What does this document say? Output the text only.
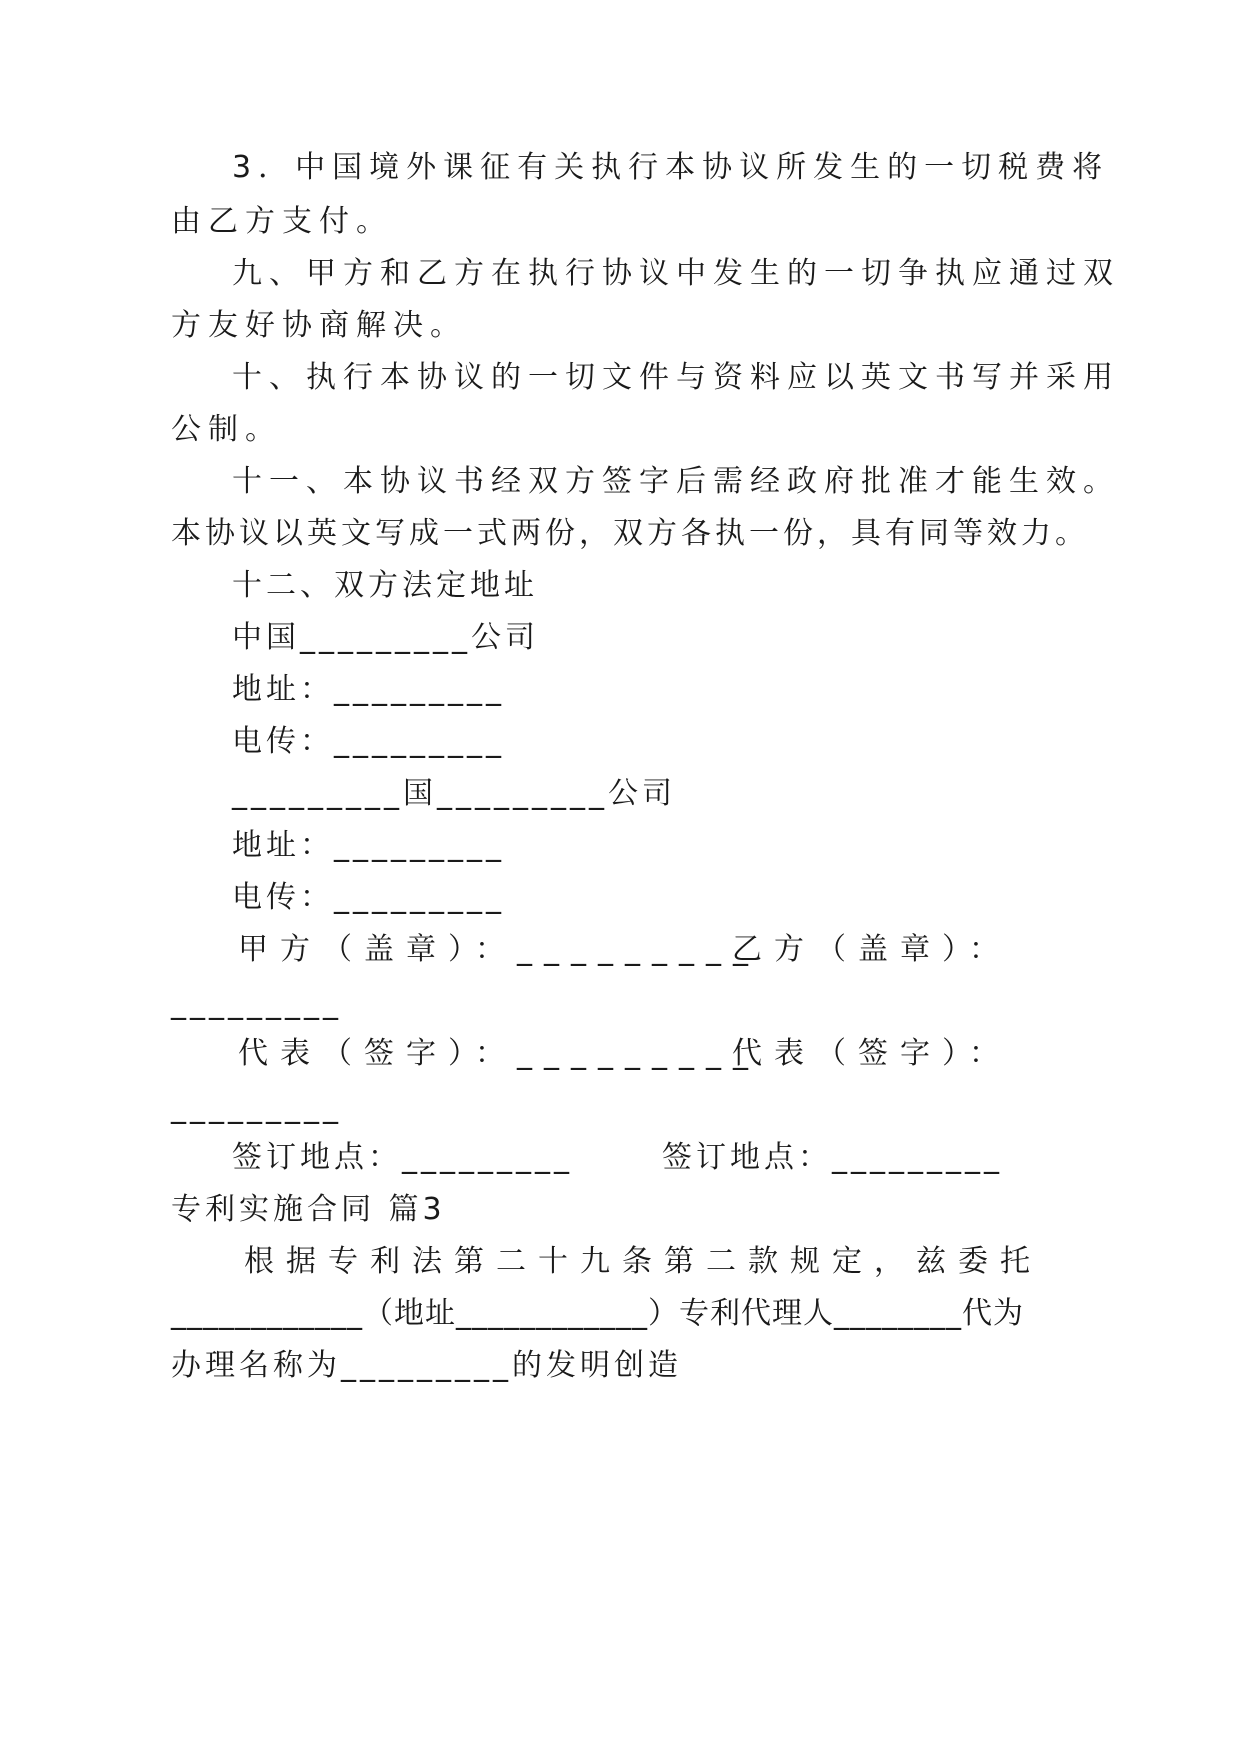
3．中国境外课征有关执行本协议所发生的一切税费将
由乙方支付。
九、甲方和乙方在执行协议中发生的一切争执应通过双
方友好协商解决。
十、执行本协议的一切文件与资料应以英文书写并采用
公制。
十一、本协议书经双方签字后需经政府批准才能生效。
本协议以英文写成一式两份，双方各执一份，具有同等效力。
十二、双方法定地址
中国_________公司
地址：_________
电传：_________
_________国_________公司
地址：_________
电传：_________
甲方（盖章）：_________
乙方（盖章）：
_________
代表（签字）：_________
代表（签字）：
_________
签订地点：_________	签订地点：_________
专利实施合同 篇3
根据专利法第二十九条第二款规定，兹委托
____________（地址____________）专利代理人________代为
办理名称为_________的发明创造
